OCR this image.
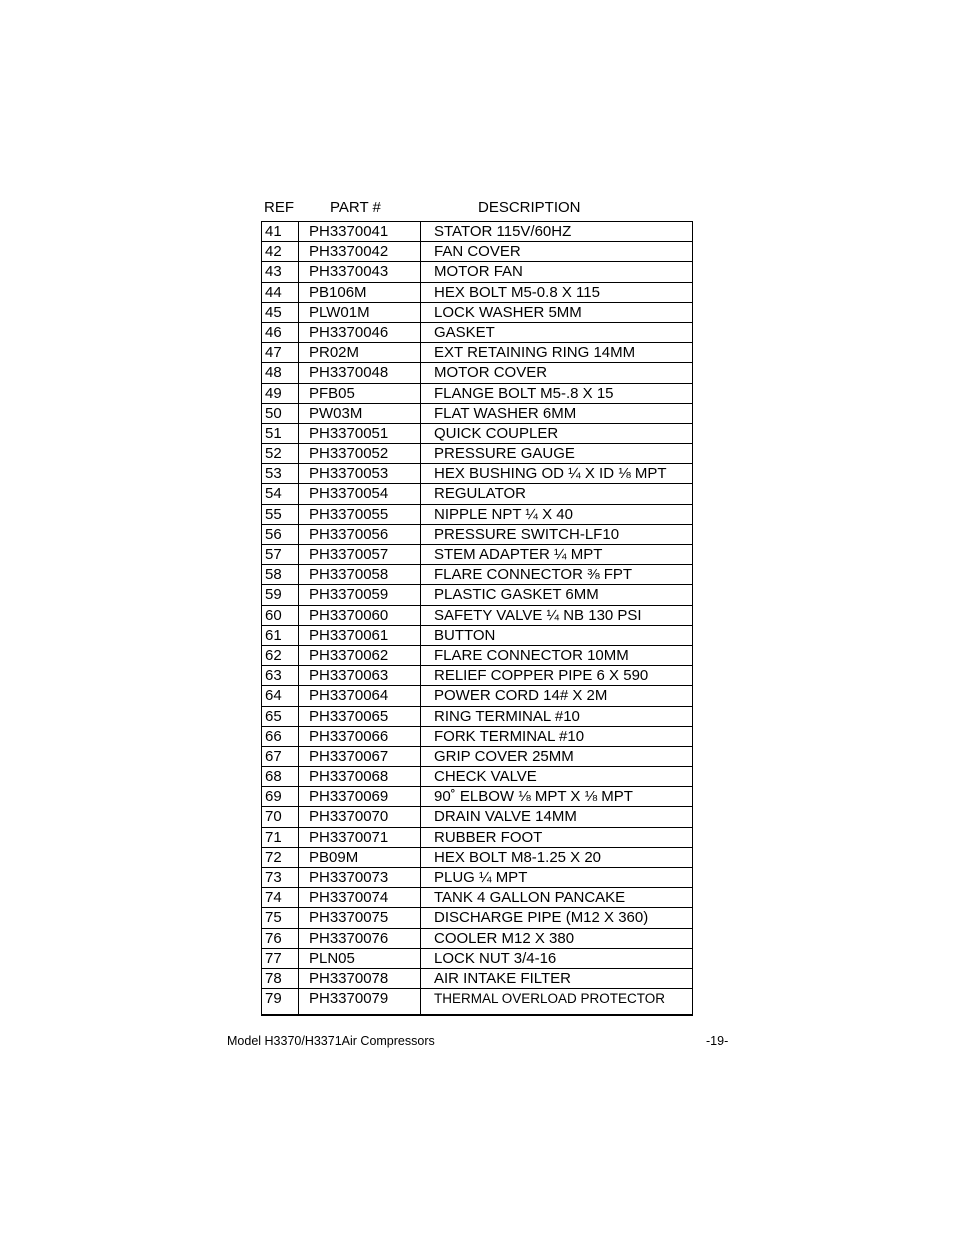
REF PART #	DESCRIPTION
41	PH3370041	STATOR 115V/60HZ
42	PH3370042	FAN COVER
43	PH3370043	MOTOR FAN
44	PB106M	HEX BOLT M5-0.8 X 115
45	PLW01M	LOCK WASHER 5MM
46	PH3370046	GASKET
47	PR02M	EXT RETAINING RING 14MM
48	PH3370048	MOTOR COVER
49	PFB05	FLANGE BOLT M5-.8 X 15
50	PW03M	FLAT WASHER 6MM
51	PH3370051	QUICK COUPLER
52	PH3370052	PRESSURE GAUGE
53	PH3370053	HEX BUSHING OD ¼ X ID ⅛ MPT
54	PH3370054	REGULATOR
55	PH3370055	NIPPLE NPT ¼ X 40
56	PH3370056	PRESSURE SWITCH-LF10
57	PH3370057	STEM ADAPTER ¼ MPT
58	PH3370058	FLARE CONNECTOR ⅜ FPT
59	PH3370059	PLASTIC GASKET 6MM
60	PH3370060	SAFETY VALVE ¼ NB 130 PSI
61	PH3370061	BUTTON
62	PH3370062	FLARE CONNECTOR 10MM
63	PH3370063	RELIEF COPPER PIPE 6 X 590
64	PH3370064	POWER CORD 14# X 2M
65	PH3370065	RING TERMINAL #10
66	PH3370066	FORK TERMINAL #10
67	PH3370067	GRIP COVER 25MM
68	PH3370068	CHECK VALVE
69	PH3370069	90˚ ELBOW ⅛ MPT X ⅛ MPT
70	PH3370070	DRAIN VALVE 14MM
71	PH3370071	RUBBER FOOT
72	PB09M	HEX BOLT M8-1.25 X 20
73	PH3370073	PLUG ¼ MPT
74	PH3370074	TANK 4 GALLON PANCAKE
75	PH3370075	DISCHARGE PIPE (M12 X 360)
76	PH3370076	COOLER M12 X 380
77	PLN05	LOCK NUT 3/4-16
78	PH3370078	AIR INTAKE FILTER
79	PH3370079	THERMAL OVERLOAD PROTECTOR
Model H3370/H3371Air Compressors	-19-
